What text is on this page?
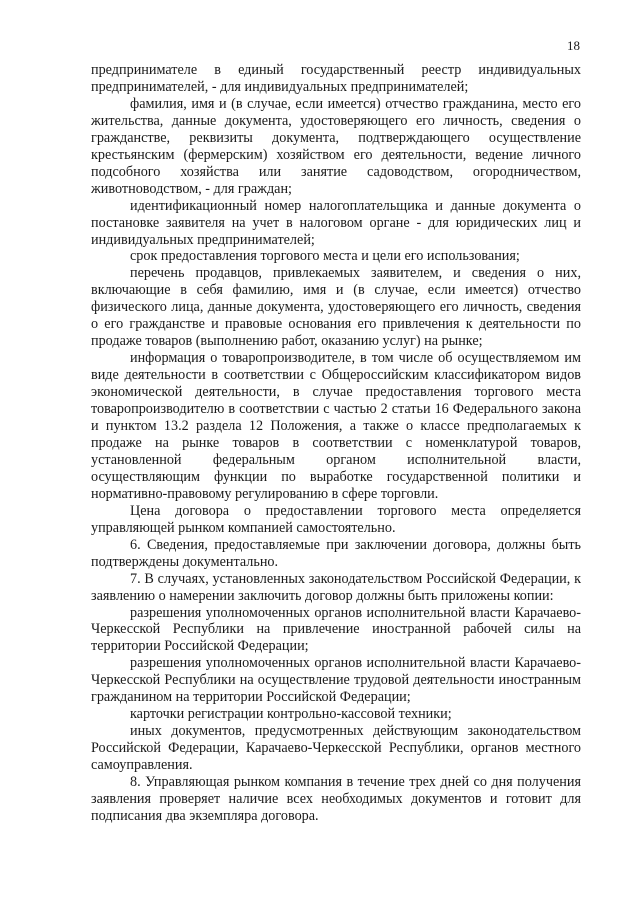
18

предпринимателе в единый государственный реестр индивидуальных предпринимателей, - для индивидуальных предпринимателей;

фамилия, имя и (в случае, если имеется) отчество гражданина, место его жительства, данные документа, удостоверяющего его личность, сведения о гражданстве, реквизиты документа, подтверждающего осуществление крестьянским (фермерским) хозяйством его деятельности, ведение личного подсобного хозяйства или занятие садоводством, огородничеством, животноводством, - для граждан;

идентификационный номер налогоплательщика и данные документа о постановке заявителя на учет в налоговом органе - для юридических лиц и индивидуальных предпринимателей;

срок предоставления торгового места и цели его использования;

перечень продавцов, привлекаемых заявителем, и сведения о них, включающие в себя фамилию, имя и (в случае, если имеется) отчество физического лица, данные документа, удостоверяющего его личность, сведения о его гражданстве и правовые основания его привлечения к деятельности по продаже товаров (выполнению работ, оказанию услуг) на рынке;

информация о товаропроизводителе, в том числе об осуществляемом им виде деятельности в соответствии с Общероссийским классификатором видов экономической деятельности, в случае предоставления торгового места товаропроизводителю в соответствии с частью 2 статьи 16 Федерального закона и пунктом 13.2 раздела 12 Положения, а также о классе предполагаемых к продаже на рынке товаров в соответствии с номенклатурой товаров, установленной федеральным органом исполнительной власти, осуществляющим функции по выработке государственной политики и нормативно-правовому регулированию в сфере торговли.

Цена договора о предоставлении торгового места определяется управляющей рынком компанией самостоятельно.

6. Сведения, предоставляемые при заключении договора, должны быть подтверждены документально.

7. В случаях, установленных законодательством Российской Федерации, к заявлению о намерении заключить договор должны быть приложены копии:

разрешения уполномоченных органов исполнительной власти Карачаево-Черкесской Республики на привлечение иностранной рабочей силы на территории Российской Федерации;

разрешения уполномоченных органов исполнительной власти Карачаево-Черкесской Республики на осуществление трудовой деятельности иностранным гражданином на территории Российской Федерации;

карточки регистрации контрольно-кассовой техники;

иных документов, предусмотренных действующим законодательством Российской Федерации, Карачаево-Черкесской Республики, органов местного самоуправления.

8. Управляющая рынком компания в течение трех дней со дня получения заявления проверяет наличие всех необходимых документов и готовит для подписания два экземпляра договора.
